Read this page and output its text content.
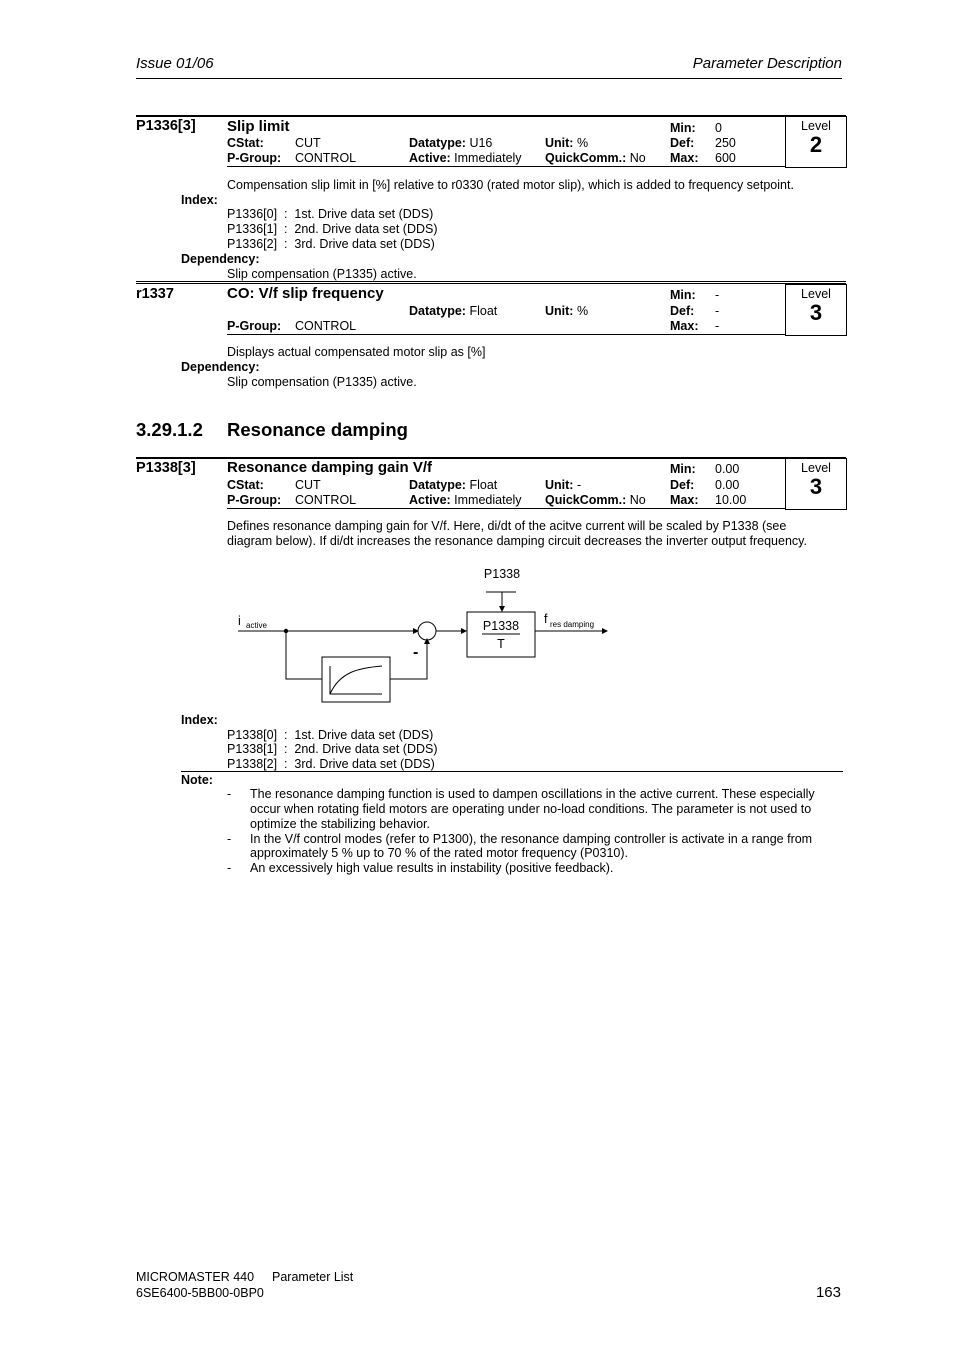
Issue 01/06	Parameter Description
Level
2
P1336[3] Slip limit	Min: 0
CStat: CUT	Datatype: U16	Unit: %	Def: 250
P-Group: CONTROL	Active: Immediately QuickComm.: No Max: 600
Compensation slip limit in [%] relative to r0330 (rated motor slip), which is added to frequency setpoint.
Index:
P1336[0]  :  1st. Drive data set (DDS)
P1336[1]  :  2nd. Drive data set (DDS)
P1336[2]  :  3rd. Drive data set (DDS)
Dependency:
Slip compensation (P1335) active.
Level
3
r1337	CO: V/f slip frequency	Min: -
Datatype: Float	Unit: %	Def: -
P-Group: CONTROL	Max: -
Displays actual compensated motor slip as [%]
Dependency:
Slip compensation (P1335) active.
3.29.1.2 Resonance damping
Level
3
P1338[3] Resonance damping gain V/f	Min: 0.00
CStat: CUT	Datatype: Float	Unit: -	Def: 0.00
P-Group: CONTROL	Active: Immediately QuickComm.: No Max: 10.00
Defines resonance damping gain for V/f. Here, di/dt of the acitve current will be scaled by P1338 (see
diagram below). If di/dt increases the resonance damping circuit decreases the inverter output frequency.
P1338
i active
-
P1338
T
f res damping
Index:
P1338[0]  :  1st. Drive data set (DDS)
P1338[1]  :  2nd. Drive data set (DDS)
P1338[2]  :  3rd. Drive data set (DDS)
Note:
- The resonance damping function is used to dampen oscillations in the active current. These especially
occur when rotating field motors are operating under no-load conditions. The parameter is not used to
optimize the stabilizing behavior.
- In the V/f control modes (refer to P1300), the resonance damping controller is activate in a range from
approximately 5 % up to 70 % of the rated motor frequency (P0310).
- An excessively high value results in instability (positive feedback).
MICROMASTER 440 Parameter List
6SE6400-5BB00-0BP0	163
